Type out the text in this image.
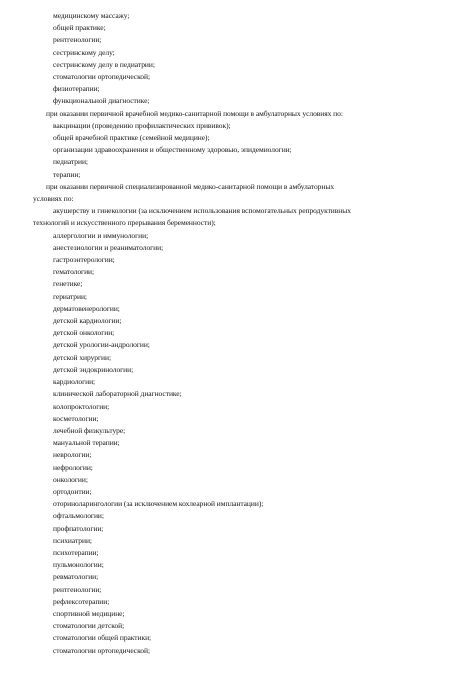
медицинскому массажу;
общей практике;
рентгенологии;
сестринскому делу;
сестринскому делу в педиатрии;
стоматологии ортопедической;
физиотерапии;
функциональной диагностике;
при оказании первичной врачебной медико-санитарной помощи в амбулаторных условиях по:
вакцинации (проведению профилактических прививок);
общей врачебной практике (семейной медицине);
организации здравоохранения и общественному здоровью, эпидемиологии;
педиатрии;
терапии;
при оказании первичной специализированной медико-санитарной помощи в амбулаторных
условиях по:
акушерству и гинекологии (за исключением использования вспомогательных репродуктивных
технологий и искусственного прерывания беременности);
аллергологии и иммунологии;
анестезиологии и реаниматологии;
гастроэнтерологии;
гематологии;
генетике;
гериатрии;
дерматовенерологии;
детской кардиологии;
детской онкологии;
детской урологии-андрологии;
детской хирургии;
детской эндокринологии;
кардиологии;
клинической лабораторной диагностике;
колопроктологии;
косметологии;
лечебной физкультуре;
мануальной терапии;
неврологии;
нефрологии;
онкологии;
ортодонтии;
оториноларингологии (за исключением кохлеарной имплантации);
офтальмологии;
профпатологии;
психиатрии;
психотерапии;
пульмонологии;
ревматологии;
рентгенологии;
рефлексотерапии;
спортивной медицине;
стоматологии детской;
стоматологии общей практики;
стоматологии ортопедической;
